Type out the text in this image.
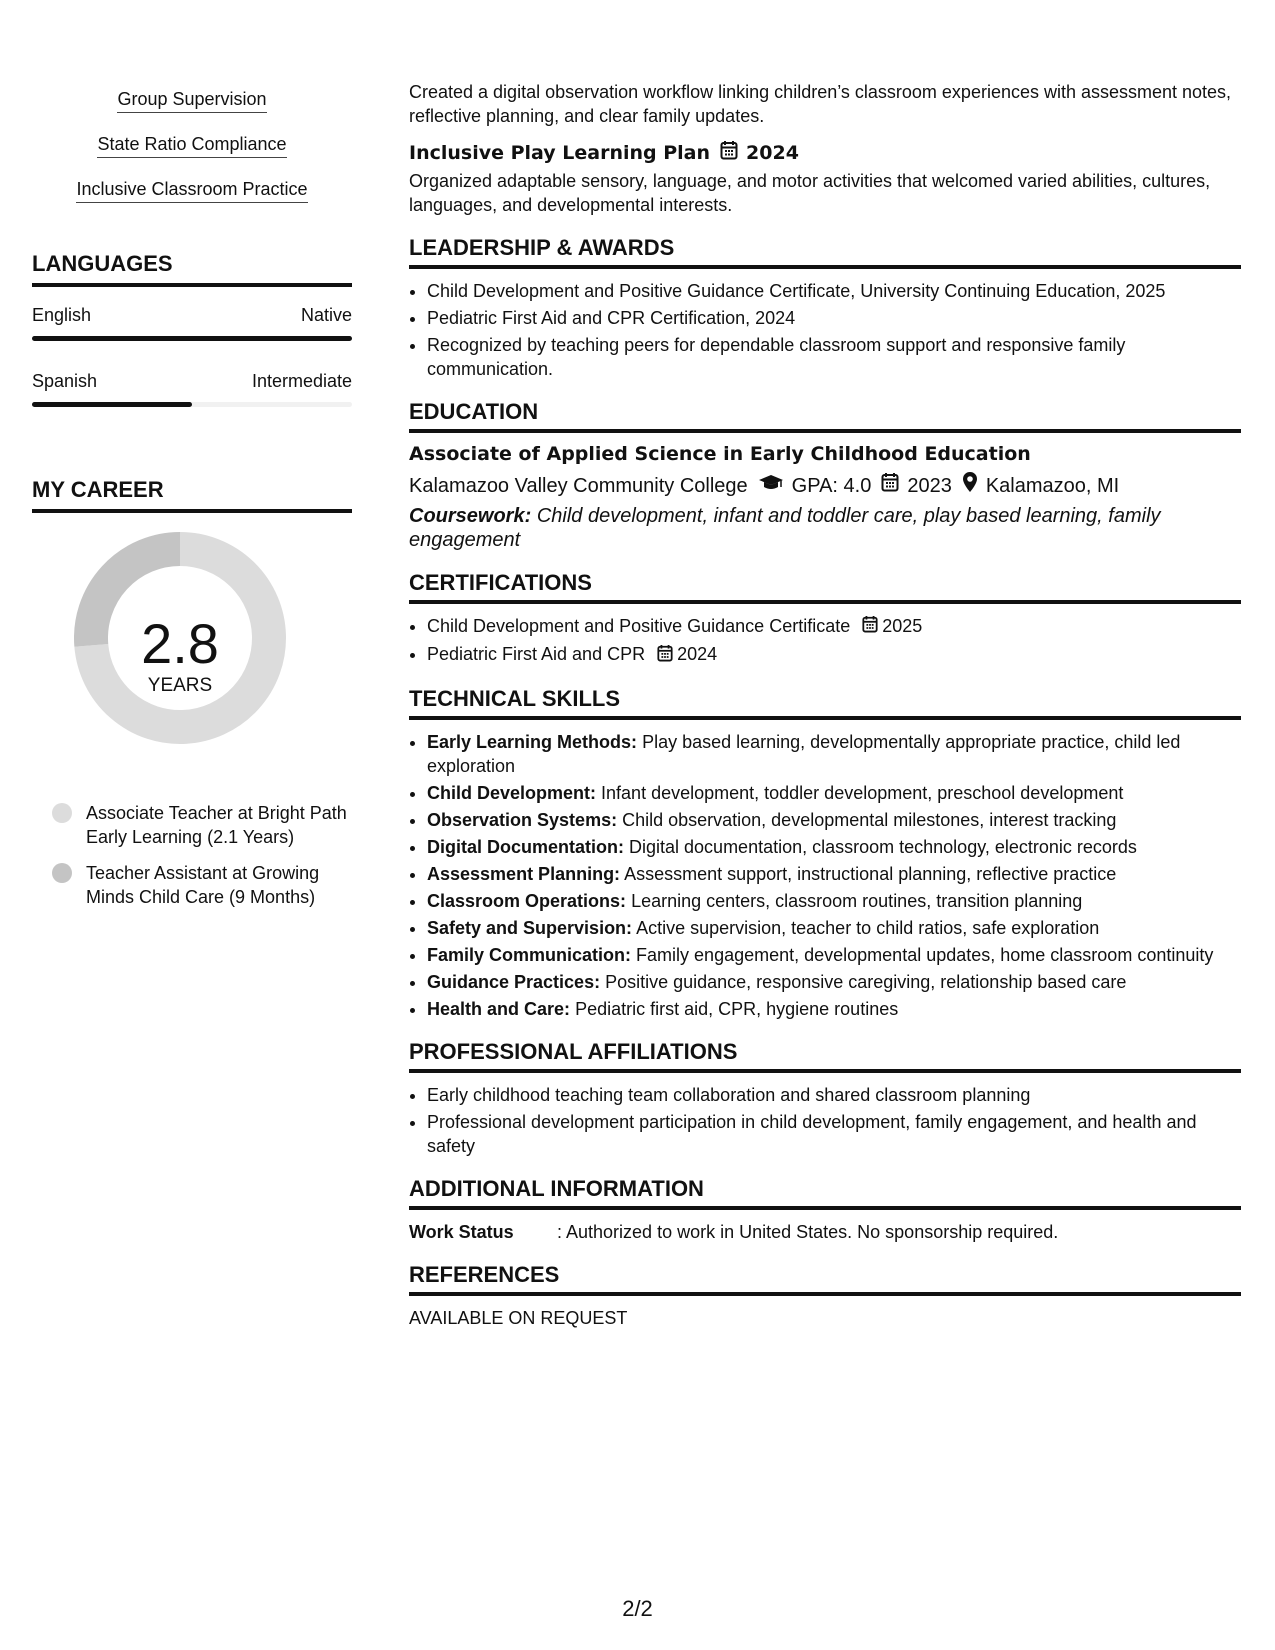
Group Supervision
State Ratio Compliance
Inclusive Classroom Practice
LANGUAGES
English	Native
Spanish	Intermediate
MY CAREER
2.8
YEARS
Associate Teacher at Bright Path Early Learning (2.1 Years)
Teacher Assistant at Growing Minds Child Care (9 Months)

Created a digital observation workflow linking children’s classroom experiences with assessment notes, reflective planning, and clear family updates.

Inclusive Play Learning Plan 2024

Organized adaptable sensory, language, and motor activities that welcomed varied abilities, cultures, languages, and developmental interests.

LEADERSHIP & AWARDS
• Child Development and Positive Guidance Certificate, University Continuing Education, 2025
• Pediatric First Aid and CPR Certification, 2024
• Recognized by teaching peers for dependable classroom support and responsive family communication.
EDUCATION
Associate of Applied Science in Early Childhood Education
Kalamazoo Valley Community College GPA: 4.0 2023 Kalamazoo, MI
Coursework: Child development, infant and toddler care, play based learning, family engagement
CERTIFICATIONS
• Child Development and Positive Guidance Certificate 2025
• Pediatric First Aid and CPR 2024
TECHNICAL SKILLS
• Early Learning Methods: Play based learning, developmentally appropriate practice, child led exploration
• Child Development: Infant development, toddler development, preschool development
• Observation Systems: Child observation, developmental milestones, interest tracking
• Digital Documentation: Digital documentation, classroom technology, electronic records
• Assessment Planning: Assessment support, instructional planning, reflective practice
• Classroom Operations: Learning centers, classroom routines, transition planning
• Safety and Supervision: Active supervision, teacher to child ratios, safe exploration
• Family Communication: Family engagement, developmental updates, home classroom continuity
• Guidance Practices: Positive guidance, responsive caregiving, relationship based care
• Health and Care: Pediatric first aid, CPR, hygiene routines
PROFESSIONAL AFFILIATIONS
• Early childhood teaching team collaboration and shared classroom planning
• Professional development participation in child development, family engagement, and health and safety
ADDITIONAL INFORMATION
Work Status	: Authorized to work in United States. No sponsorship required.
REFERENCES
AVAILABLE ON REQUEST
2/2
